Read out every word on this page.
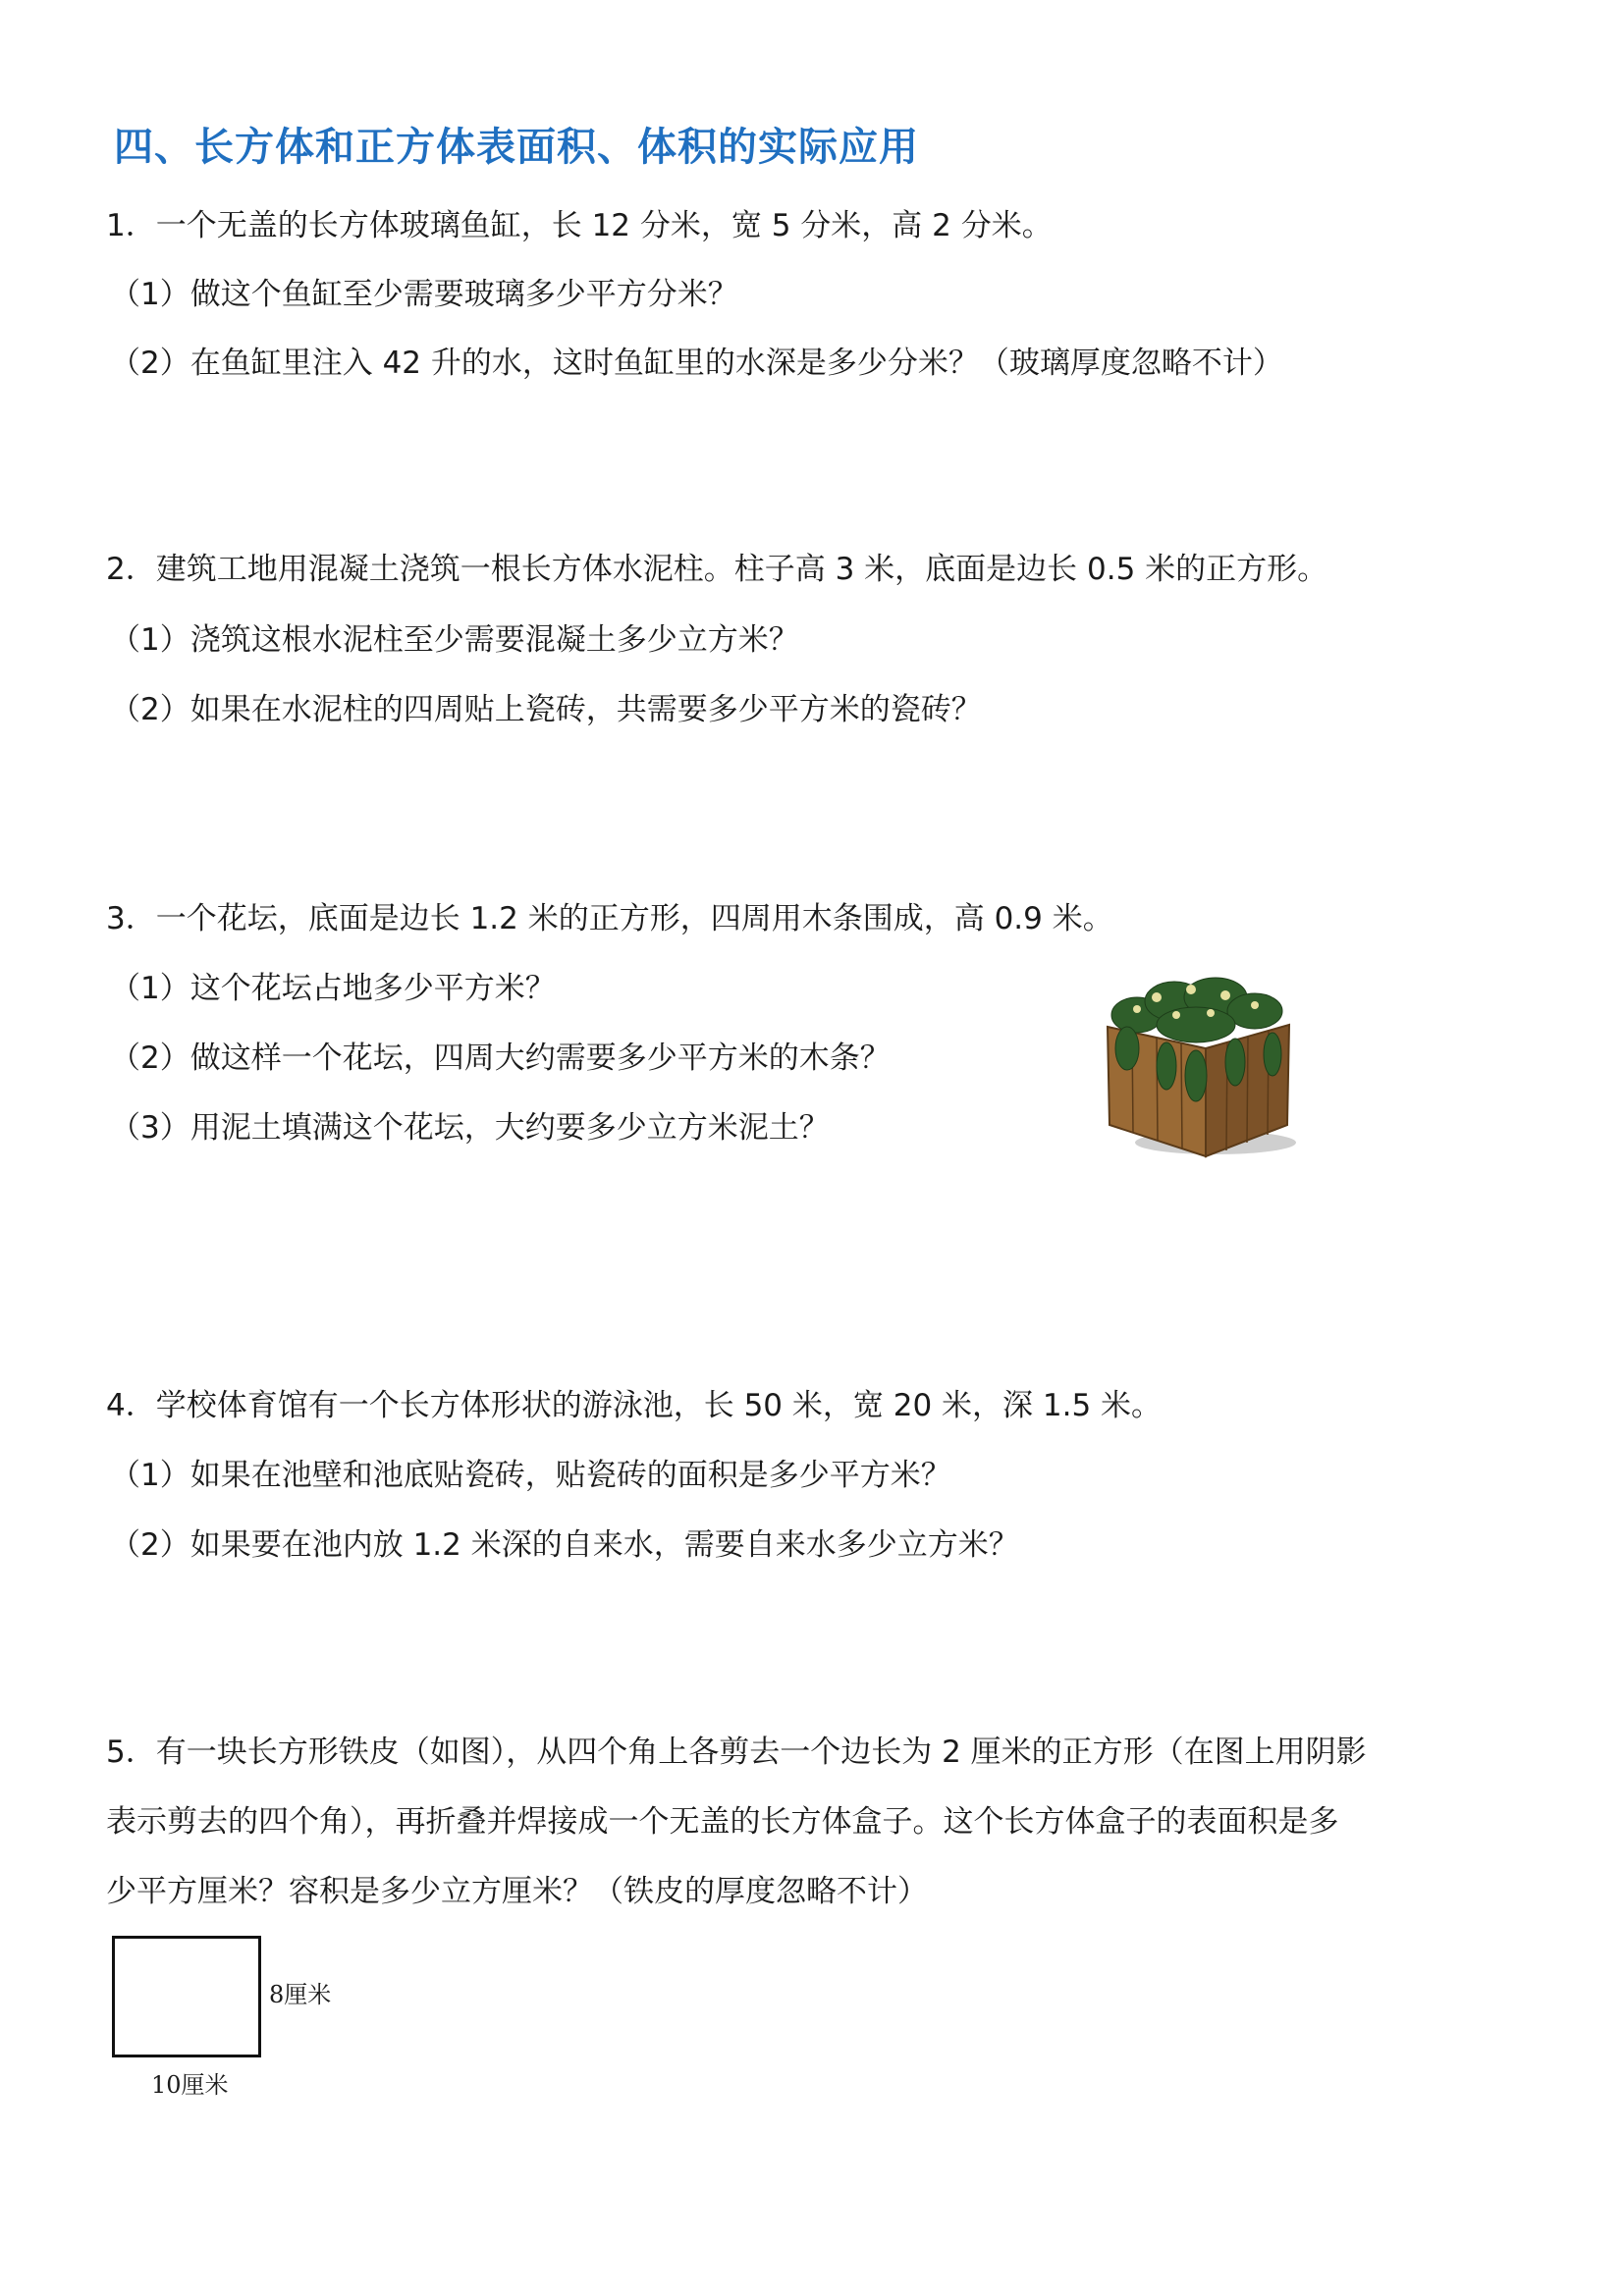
四、长方体和正方体表面积、体积的实际应用
1．一个无盖的长方体玻璃鱼缸，长 12 分米，宽 5 分米，高 2 分米。
（1）做这个鱼缸至少需要玻璃多少平方分米？
（2）在鱼缸里注入 42 升的水，这时鱼缸里的水深是多少分米？（玻璃厚度忽略不计）
2．建筑工地用混凝土浇筑一根长方体水泥柱。柱子高 3 米，底面是边长 0.5 米的正方形。
（1）浇筑这根水泥柱至少需要混凝土多少立方米？
（2）如果在水泥柱的四周贴上瓷砖，共需要多少平方米的瓷砖？
3．一个花坛，底面是边长 1.2 米的正方形，四周用木条围成，高 0.9 米。
（1）这个花坛占地多少平方米？
（2）做这样一个花坛，四周大约需要多少平方米的木条？
（3）用泥土填满这个花坛，大约要多少立方米泥土？
4．学校体育馆有一个长方体形状的游泳池，长 50 米，宽 20 米，深 1.5 米。
（1）如果在池壁和池底贴瓷砖，贴瓷砖的面积是多少平方米？
（2）如果要在池内放 1.2 米深的自来水，需要自来水多少立方米？
5．有一块长方形铁皮（如图），从四个角上各剪去一个边长为 2 厘米的正方形（在图上用阴影
表示剪去的四个角），再折叠并焊接成一个无盖的长方体盒子。这个长方体盒子的表面积是多
少平方厘米？容积是多少立方厘米？（铁皮的厚度忽略不计）
8厘米
10厘米
